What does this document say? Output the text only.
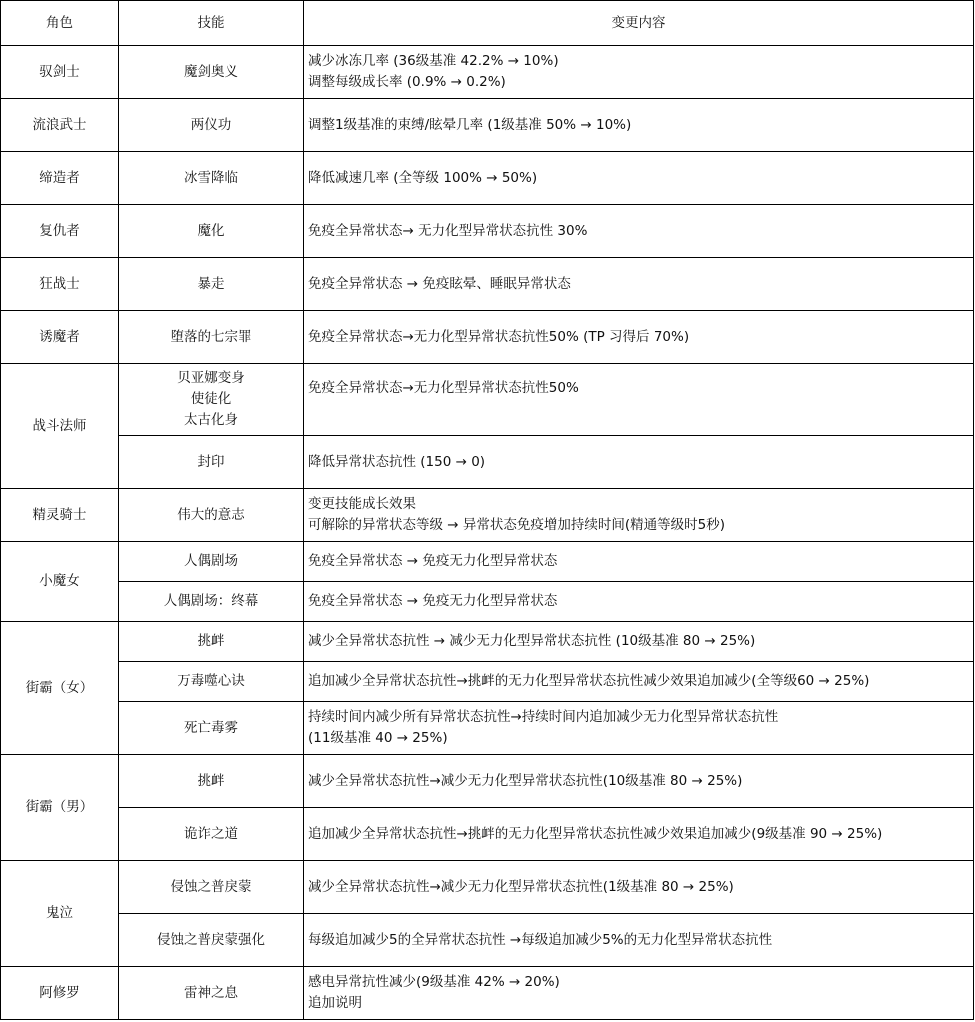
角色	技能	变更内容
驭剑士	魔剑奥义	减少冰冻几率 (36级基准 42.2% → 10%)
调整每级成长率 (0.9% → 0.2%)

流浪武士	两仪功	调整1级基准的束缚/眩晕几率 (1级基准 50% → 10%)
缔造者	冰雪降临	降低减速几率 (全等级 100% → 50%)
复仇者	魔化	免疫全异常状态→ 无力化型异常状态抗性 30%
狂战士	暴走	免疫全异常状态 → 免疫眩晕、睡眠异常状态
诱魔者	堕落的七宗罪	免疫全异常状态→无力化型异常状态抗性50% (TP 习得后 70%)
战斗法师	贝亚娜变身
使徒化
太古化身	免疫全异常状态→无力化型异常状态抗性50%
	封印	降低异常状态抗性 (150 → 0)
精灵骑士	伟大的意志	变更技能成长效果
可解除的异常状态等级 → 异常状态免疫增加持续时间(精通等级时5秒)

小魔女	人偶剧场	免疫全异常状态 → 免疫无力化型异常状态
	人偶剧场：终幕	免疫全异常状态 → 免疫无力化型异常状态
街霸（女）	挑衅	减少全异常状态抗性 → 减少无力化型异常状态抗性 (10级基准 80 → 25%)
	万毒噬心诀	追加减少全异常状态抗性→挑衅的无力化型异常状态抗性减少效果追加减少(全等级60 → 25%)
	死亡毒雾	持续时间内减少所有异常状态抗性→持续时间内追加减少无力化型异常状态抗性
(11级基准 40 → 25%)

街霸（男）	挑衅	减少全异常状态抗性→减少无力化型异常状态抗性(10级基准 80 → 25%)
	诡诈之道	追加减少全异常状态抗性→挑衅的无力化型异常状态抗性减少效果追加减少(9级基准 90 → 25%)
鬼泣	侵蚀之普戾蒙	减少全异常状态抗性→减少无力化型异常状态抗性(1级基准 80 → 25%)
	侵蚀之普戾蒙强化	每级追加减少5的全异常状态抗性 →每级追加减少5%的无力化型异常状态抗性
阿修罗	雷神之息	感电异常抗性减少(9级基准 42% → 20%)
追加说明
